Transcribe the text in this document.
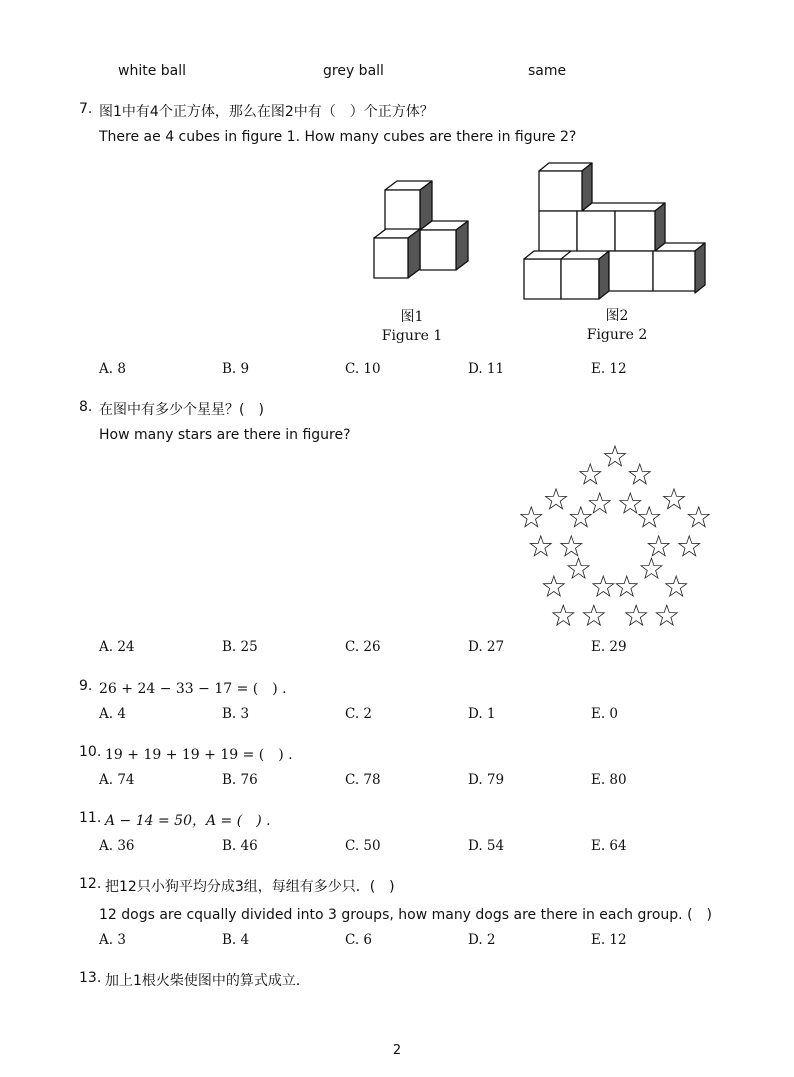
white ball	grey ball	same
7. 图1中有4个正方体，那么在图2中有（　）个正方体？
There ae 4 cubes in figure 1. How many cubes are there in figure 2?
图1
Figure 1
图2
Figure 2
A. 8	B. 9	C. 10	D. 11	E. 12
8. 在图中有多少个星星？(　)
How many stars are there in figure?
A. 24	B. 25	C. 26	D. 27	E. 29
9. 26 + 24 − 33 − 17 = (　) .
A. 4	B. 3	C. 2	D. 1	E. 0
10. 19 + 19 + 19 + 19 = (　) .
A. 74	B. 76	C. 78	D. 79	E. 80
11. A − 14 = 50，A = (　) .
A. 36	B. 46	C. 50	D. 54	E. 64
12. 把12只小狗平均分成3组，每组有多少只．(　)
12 dogs are cqually divided into 3 groups, how many dogs are there in each group. (　)
A. 3	B. 4	C. 6	D. 2	E. 12
13. 加上1根火柴使图中的算式成立．
2
